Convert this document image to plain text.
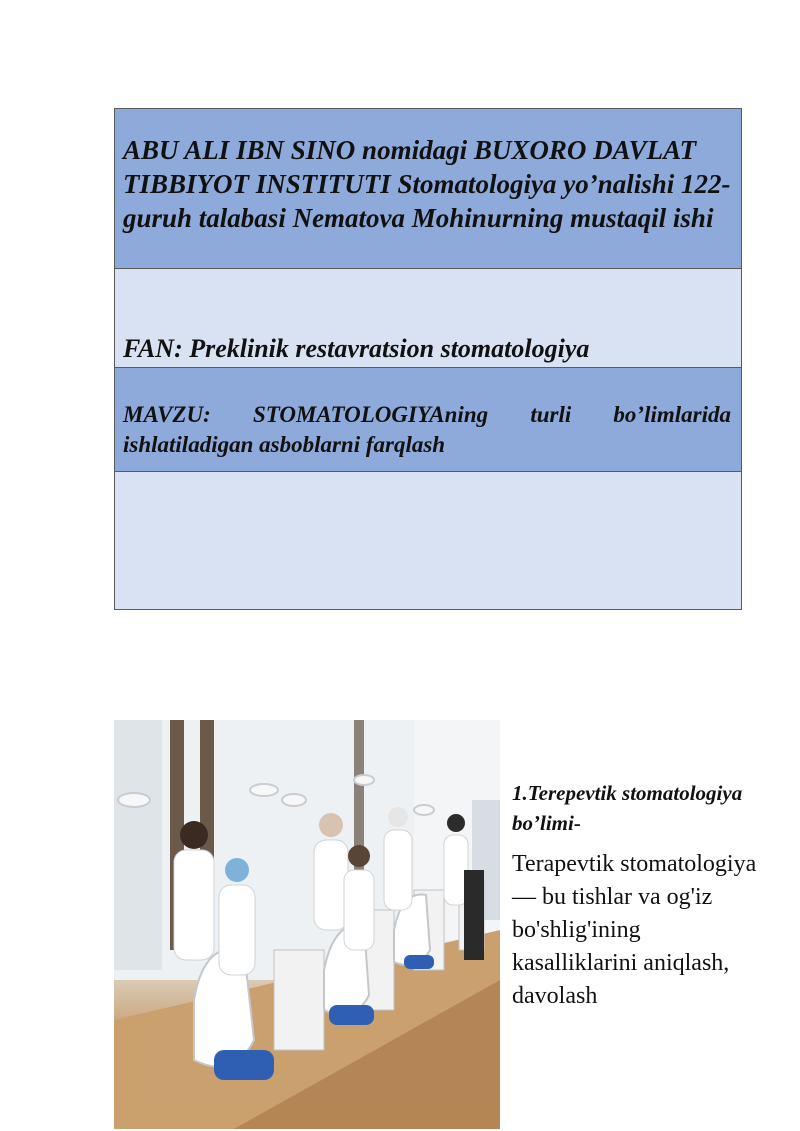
ABU ALI IBN SINO nomidagi BUXORO DAVLAT TIBBIYOT INSTITUTI Stomatologiya yo’nalishi 122-guruh talabasi Nematova Mohinurning mustaqil ishi

FAN: Preklinik restavratsion stomatologiya

MAVZU: STOMATOLOGIYAning turli bo’limlarida ishlatiladigan asboblarni farqlash

1.Terepevtik stomatologiya bo’limi-

Terapevtik stomatologiya — bu tishlar va og'iz bo'shlig'ining kasalliklarini aniqlash, davolash
